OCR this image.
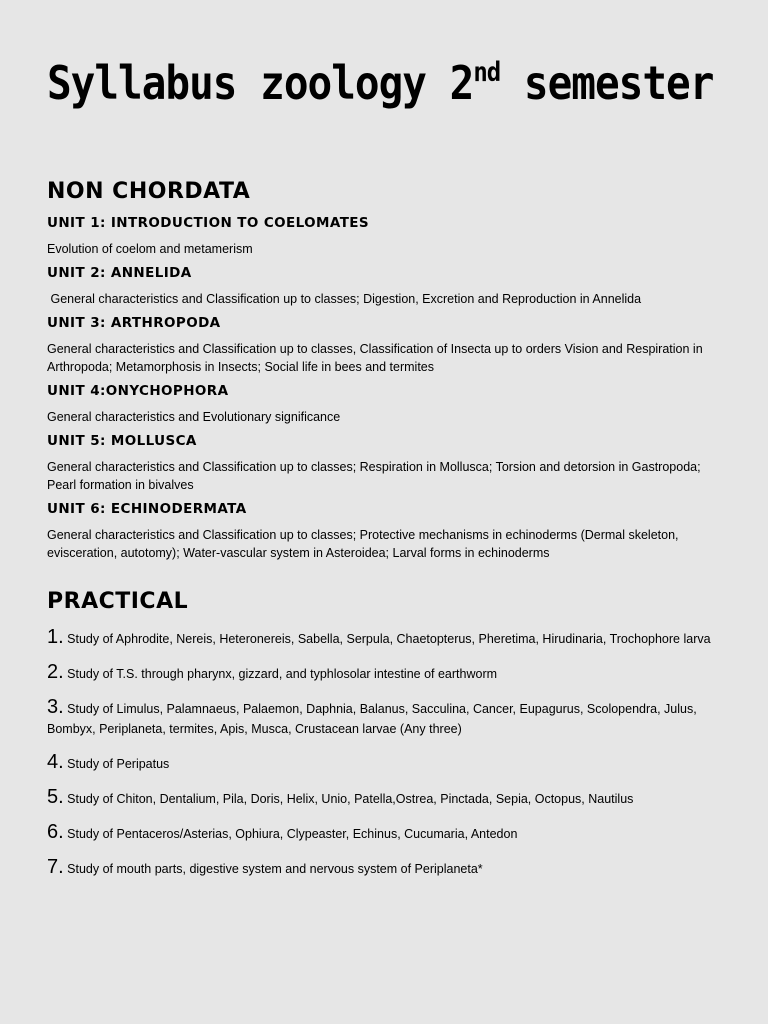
Syllabus zoology 2nd semester
NON CHORDATA
UNIT 1: INTRODUCTION TO COELOMATES

Evolution of coelom and metamerism

UNIT 2: ANNELIDA

General characteristics and Classification up to classes; Digestion, Excretion and Reproduction in Annelida

UNIT 3: ARTHROPODA

General characteristics and Classification up to classes, Classification of Insecta up to orders Vision and Respiration in Arthropoda; Metamorphosis in Insects; Social life in bees and termites

UNIT 4:ONYCHOPHORA

General characteristics and Evolutionary significance

UNIT 5: MOLLUSCA

General characteristics and Classification up to classes; Respiration in Mollusca; Torsion and detorsion in Gastropoda; Pearl formation in bivalves

UNIT 6: ECHINODERMATA

General characteristics and Classification up to classes; Protective mechanisms in echinoderms (Dermal skeleton, evisceration, autotomy); Water-vascular system in Asteroidea; Larval forms in echinoderms

PRACTICAL
1. Study of Aphrodite, Nereis, Heteronereis, Sabella, Serpula, Chaetopterus, Pheretima, Hirudinaria, Trochophore larva
2. Study of T.S. through pharynx, gizzard, and typhlosolar intestine of earthworm
3. Study of Limulus, Palamnaeus, Palaemon, Daphnia, Balanus, Sacculina, Cancer, Eupagurus, Scolopendra, Julus, Bombyx, Periplaneta, termites, Apis, Musca, Crustacean larvae (Any three)
4. Study of Peripatus
5. Study of Chiton, Dentalium, Pila, Doris, Helix, Unio, Patella,Ostrea, Pinctada, Sepia, Octopus, Nautilus
6. Study of Pentaceros/Asterias, Ophiura, Clypeaster, Echinus, Cucumaria, Antedon
7. Study of mouth parts, digestive system and nervous system of Periplaneta*
